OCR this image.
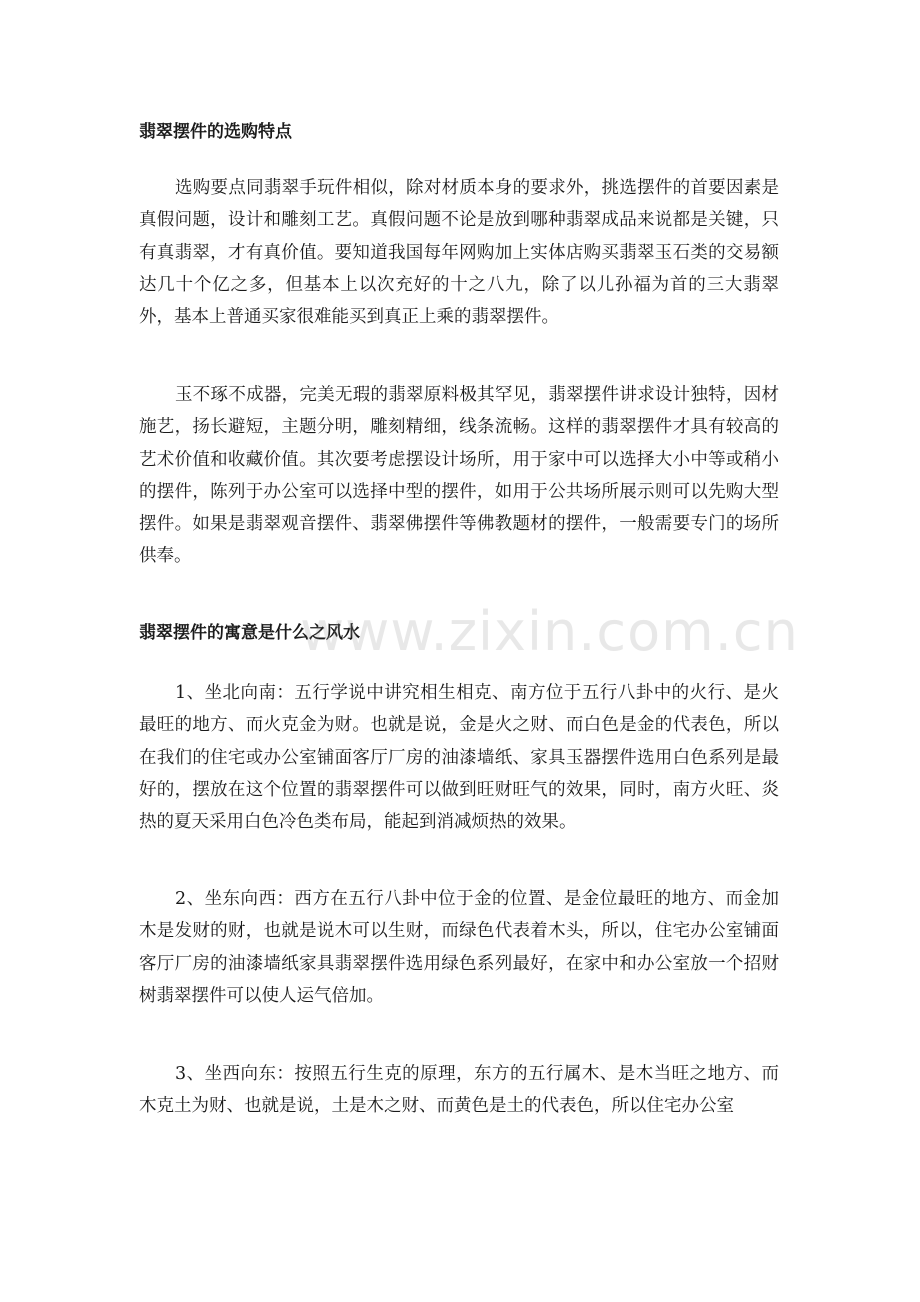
翡翠摆件的选购特点

选购要点同翡翠手玩件相似，除对材质本身的要求外，挑选摆件的首要因素是真假问题，设计和雕刻工艺。真假问题不论是放到哪种翡翠成品来说都是关键，只有真翡翠，才有真价值。要知道我国每年网购加上实体店购买翡翠玉石类的交易额达几十个亿之多，但基本上以次充好的十之八九，除了以儿孙福为首的三大翡翠外，基本上普通买家很难能买到真正上乘的翡翠摆件。

玉不琢不成器，完美无瑕的翡翠原料极其罕见，翡翠摆件讲求设计独特，因材施艺，扬长避短，主题分明，雕刻精细，线条流畅。这样的翡翠摆件才具有较高的艺术价值和收藏价值。其次要考虑摆设计场所，用于家中可以选择大小中等或稍小的摆件，陈列于办公室可以选择中型的摆件，如用于公共场所展示则可以先购大型摆件。如果是翡翠观音摆件、翡翠佛摆件等佛教题材的摆件，一般需要专门的场所供奉。

翡翠摆件的寓意是什么之风水

1、坐北向南：五行学说中讲究相生相克、南方位于五行八卦中的火行、是火最旺的地方、而火克金为财。也就是说，金是火之财、而白色是金的代表色，所以在我们的住宅或办公室铺面客厅厂房的油漆墙纸、家具玉器摆件选用白色系列是最好的，摆放在这个位置的翡翠摆件可以做到旺财旺气的效果，同时，南方火旺、炎热的夏天采用白色冷色类布局，能起到消减烦热的效果。

2、坐东向西：西方在五行八卦中位于金的位置、是金位最旺的地方、而金加木是发财的财，也就是说木可以生财，而绿色代表着木头，所以，住宅办公室铺面客厅厂房的油漆墙纸家具翡翠摆件选用绿色系列最好，在家中和办公室放一个招财树翡翠摆件可以使人运气倍加。

3、坐西向东：按照五行生克的原理，东方的五行属木、是木当旺之地方、而木克土为财、也就是说，土是木之财、而黄色是土的代表色，所以住宅办公室

www.zixin.com.cn
